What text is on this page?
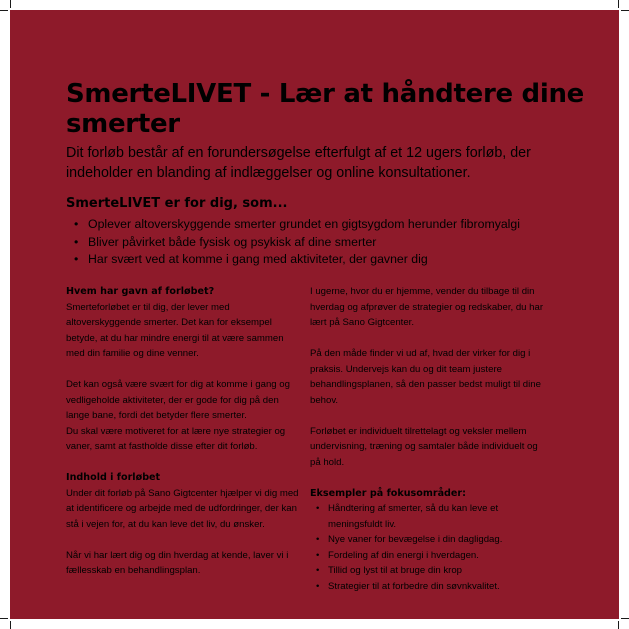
SmerteLIVET - Lær at håndtere dine smerter

Dit forløb består af en forundersøgelse efterfulgt af et 12 ugers forløb, der indeholder en blanding af indlæggelser og online konsultationer.

SmerteLIVET er for dig, som...
• Oplever altoverskyggende smerter grundet en gigtsygdom herunder fibromyalgi
• Bliver påvirket både fysisk og psykisk af dine smerter
• Har svært ved at komme i gang med aktiviteter, der gavner dig
Hvem har gavn af forløbet?

Smerteforløbet er til dig, der lever med altoverskyggende smerter. Det kan for eksempel betyde, at du har mindre energi til at være sammen med din familie og dine venner.

Det kan også være svært for dig at komme i gang og vedligeholde aktiviteter, der er gode for dig på den lange bane, fordi det betyder flere smerter.

Du skal være motiveret for at lære nye strategier og vaner, samt at fastholde disse efter dit forløb.

Indhold i forløbet

Under dit forløb på Sano Gigtcenter hjælper vi dig med at identificere og arbejde med de udfordringer, der kan stå i vejen for, at du kan leve det liv, du ønsker.

Når vi har lært dig og din hverdag at kende, laver vi i fællesskab en behandlingsplan.

I ugerne, hvor du er hjemme, vender du tilbage til din hverdag og afprøver de strategier og redskaber, du har lært på Sano Gigtcenter.

På den måde finder vi ud af, hvad der virker for dig i praksis. Undervejs kan du og dit team justere behandlingsplanen, så den passer bedst muligt til dine behov.

Forløbet er individuelt tilrettelagt og veksler mellem undervisning, træning og samtaler både individuelt og på hold.

Eksempler på fokusområder:
• Håndtering af smerter, så du kan leve et meningsfuldt liv.
• Nye vaner for bevægelse i din dagligdag.
• Fordeling af din energi i hverdagen.
• Tillid og lyst til at bruge din krop
• Strategier til at forbedre din søvnkvalitet.
